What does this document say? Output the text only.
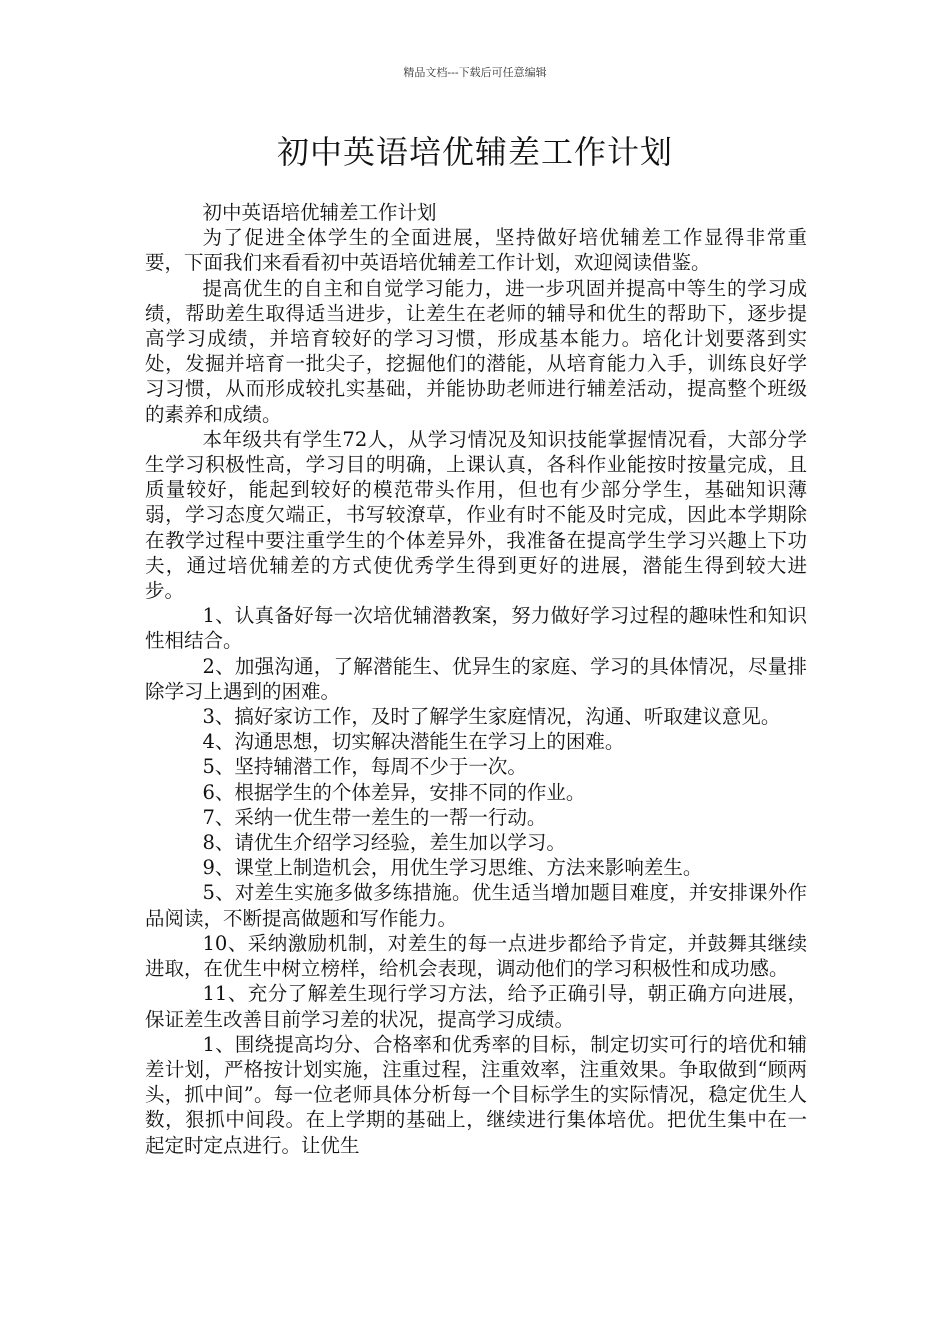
精品文档---下载后可任意编辑
初中英语培优辅差工作计划

初中英语培优辅差工作计划

为了促进全体学生的全面进展，坚持做好培优辅差工作显得非常重要，下面我们来看看初中英语培优辅差工作计划，欢迎阅读借鉴。

提高优生的自主和自觉学习能力，进一步巩固并提高中等生的学习成绩，帮助差生取得适当进步，让差生在老师的辅导和优生的帮助下，逐步提高学习成绩，并培育较好的学习习惯，形成基本能力。培化计划要落到实处，发掘并培育一批尖子，挖掘他们的潜能，从培育能力入手，训练良好学习习惯，从而形成较扎实基础，并能协助老师进行辅差活动，提高整个班级的素养和成绩。

本年级共有学生72人，从学习情况及知识技能掌握情况看，大部分学生学习积极性高，学习目的明确，上课认真，各科作业能按时按量完成，且质量较好，能起到较好的模范带头作用，但也有少部分学生，基础知识薄弱，学习态度欠端正，书写较潦草，作业有时不能及时完成，因此本学期除在教学过程中要注重学生的个体差异外，我准备在提高学生学习兴趣上下功夫，通过培优辅差的方式使优秀学生得到更好的进展，潜能生得到较大进步。

1、认真备好每一次培优辅潜教案，努力做好学习过程的趣味性和知识性相结合。

2、加强沟通，了解潜能生、优异生的家庭、学习的具体情况，尽量排除学习上遇到的困难。

3、搞好家访工作，及时了解学生家庭情况，沟通、听取建议意见。

4、沟通思想，切实解决潜能生在学习上的困难。

5、坚持辅潜工作，每周不少于一次。

6、根据学生的个体差异，安排不同的作业。

7、采纳一优生带一差生的一帮一行动。

8、请优生介绍学习经验，差生加以学习。

9、课堂上制造机会，用优生学习思维、方法来影响差生。

5、对差生实施多做多练措施。优生适当增加题目难度，并安排课外作品阅读，不断提高做题和写作能力。

10、采纳激励机制，对差生的每一点进步都给予肯定，并鼓舞其继续进取，在优生中树立榜样，给机会表现，调动他们的学习积极性和成功感。

11、充分了解差生现行学习方法，给予正确引导，朝正确方向进展，保证差生改善目前学习差的状况，提高学习成绩。

1、围绕提高均分、合格率和优秀率的目标，制定切实可行的培优和辅差计划，严格按计划实施，注重过程，注重效率，注重效果。争取做到“顾两头，抓中间”。每一位老师具体分析每一个目标学生的实际情况，稳定优生人数，狠抓中间段。在上学期的基础上，继续进行集体培优。把优生集中在一起定时定点进行。让优生
